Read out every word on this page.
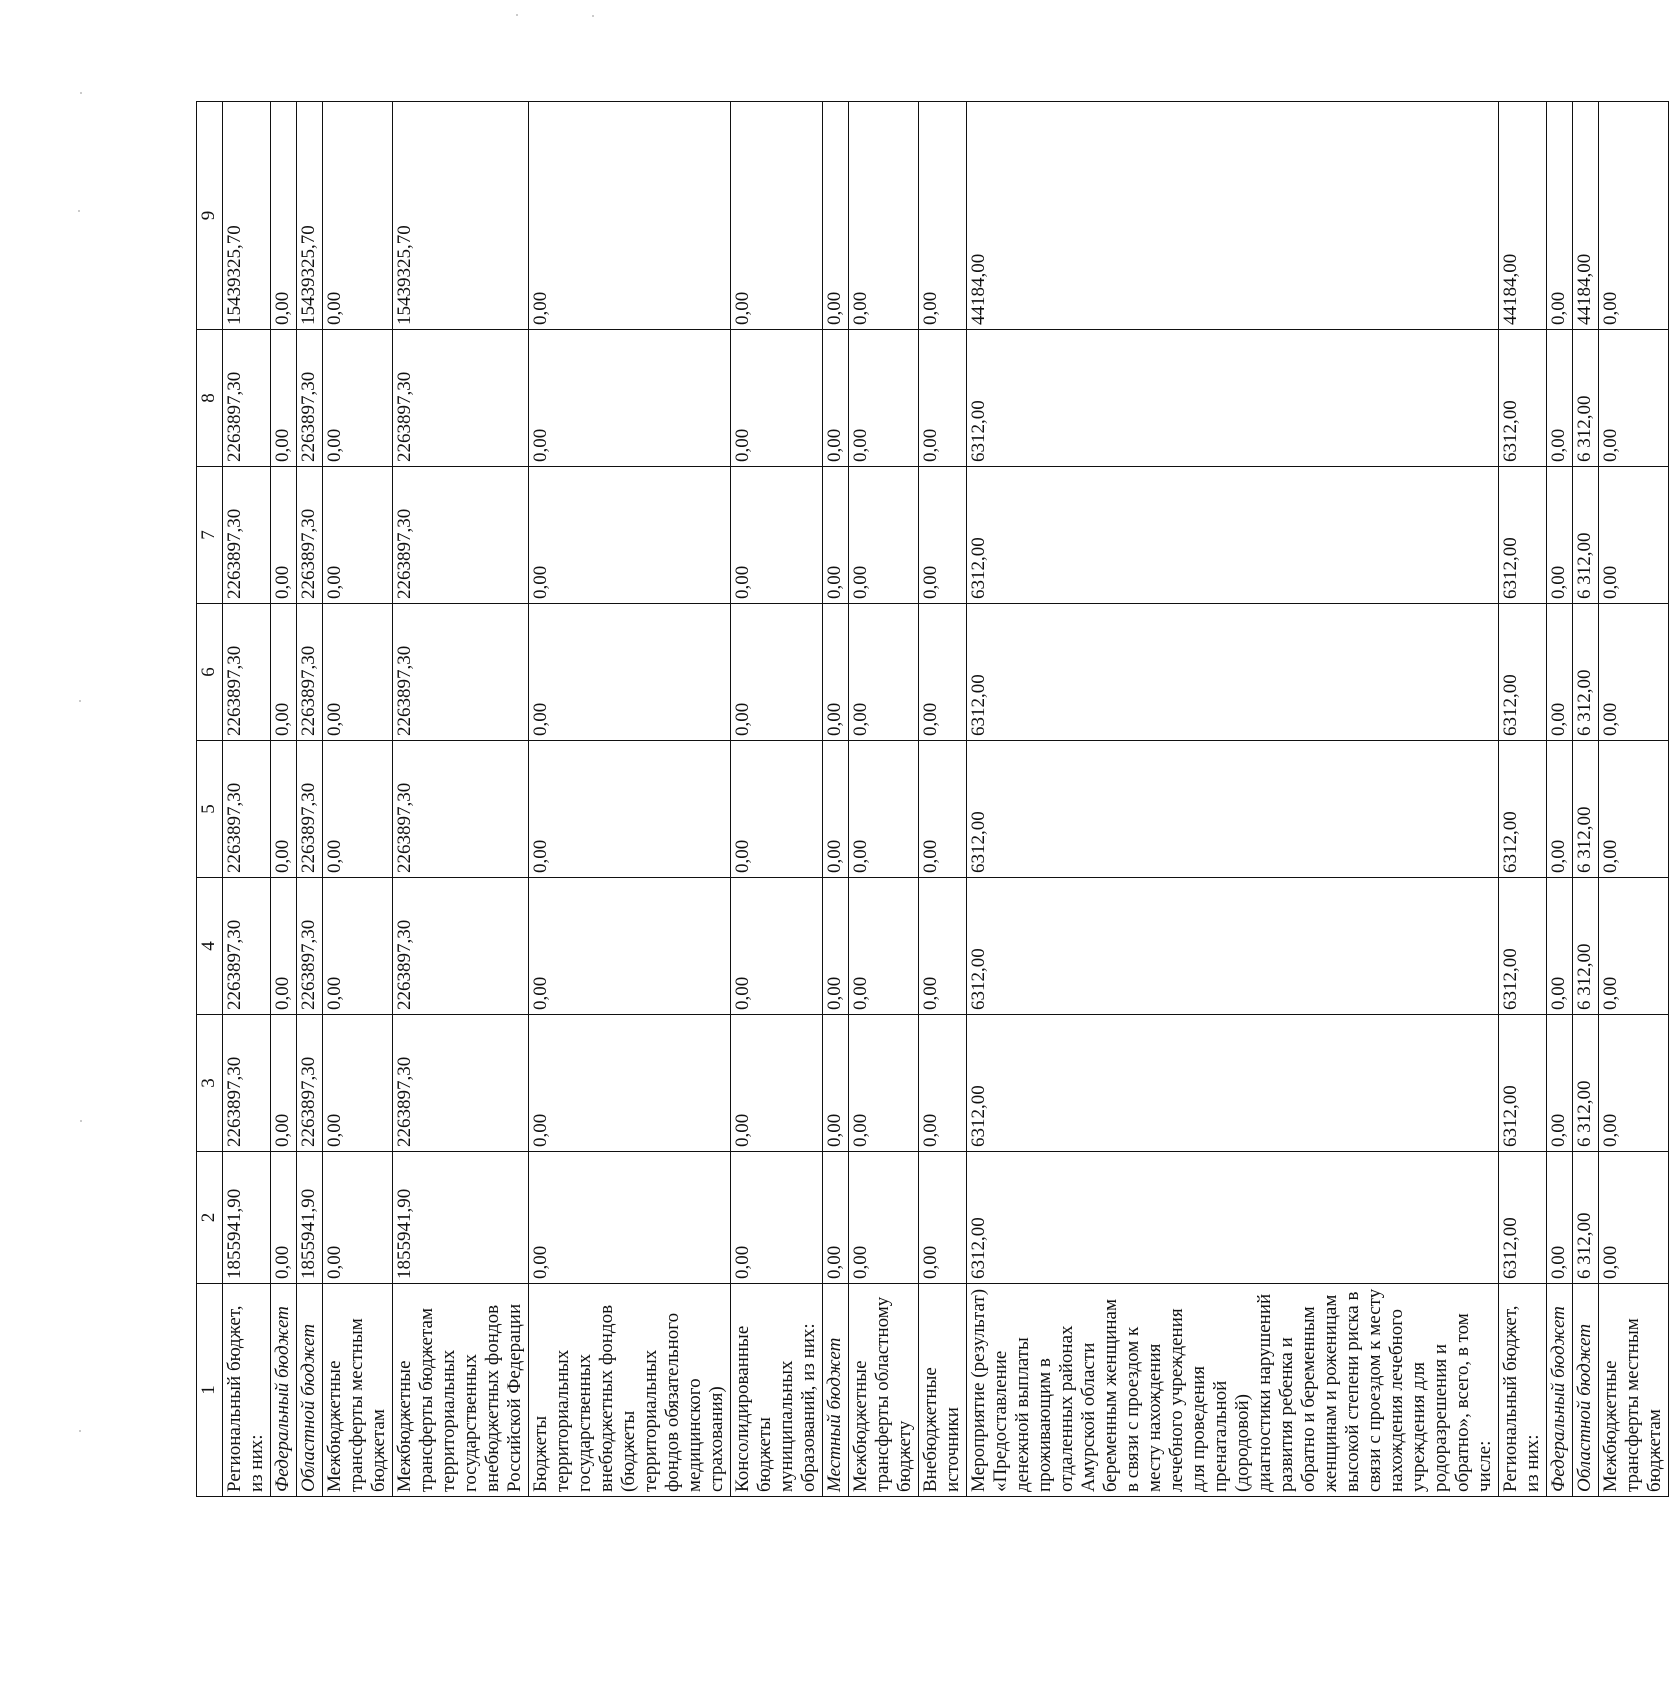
1	2	3	4	5	6	7	8	9
Региональный бюджет, из них:	1855941,90	2263897,30	2263897,30	2263897,30	2263897,30	2263897,30	2263897,30	15439325,70
Федеральный бюджет	0,00	0,00	0,00	0,00	0,00	0,00	0,00	0,00
Областной бюджет	1855941,90	2263897,30	2263897,30	2263897,30	2263897,30	2263897,30	2263897,30	15439325,70
Межбюджетные трансферты местным бюджетам	0,00	0,00	0,00	0,00	0,00	0,00	0,00	0,00
Межбюджетные трансферты бюджетам территориальных государственных внебюджетных фондов Российской Федерации	1855941,90	2263897,30	2263897,30	2263897,30	2263897,30	2263897,30	2263897,30	15439325,70
Бюджеты территориальных государственных внебюджетных фондов (бюджеты территориальных фондов обязательного медицинского страхования)	0,00	0,00	0,00	0,00	0,00	0,00	0,00	0,00
Консолидированные бюджеты муниципальных образований, из них:	0,00	0,00	0,00	0,00	0,00	0,00	0,00	0,00
Местный бюджет	0,00	0,00	0,00	0,00	0,00	0,00	0,00	0,00
Межбюджетные трансферты областному бюджету	0,00	0,00	0,00	0,00	0,00	0,00	0,00	0,00
Внебюджетные источники	0,00	0,00	0,00	0,00	0,00	0,00	0,00	0,00
Мероприятие (результат) «Предоставление денежной выплаты проживающим в отдаленных районах Амурской области беременным женщинам в связи с проездом к месту нахождения лечебного учреждения для проведения пренатальной (дородовой) диагностики нарушений развития ребенка и обратно и беременным женщинам и роженицам высокой степени риска в связи с проездом к месту нахождения лечебного учреждения для родоразрешения и обратно», всего, в том числе:	6312,00	6312,00	6312,00	6312,00	6312,00	6312,00	6312,00	44184,00
Региональный бюджет, из них:	6312,00	6312,00	6312,00	6312,00	6312,00	6312,00	6312,00	44184,00
Федеральный бюджет	0,00	0,00	0,00	0,00	0,00	0,00	0,00	0,00
Областной бюджет	6 312,00	6 312,00	6 312,00	6 312,00	6 312,00	6 312,00	6 312,00	44184,00
Межбюджетные трансферты местным бюджетам	0,00	0,00	0,00	0,00	0,00	0,00	0,00	0,00
